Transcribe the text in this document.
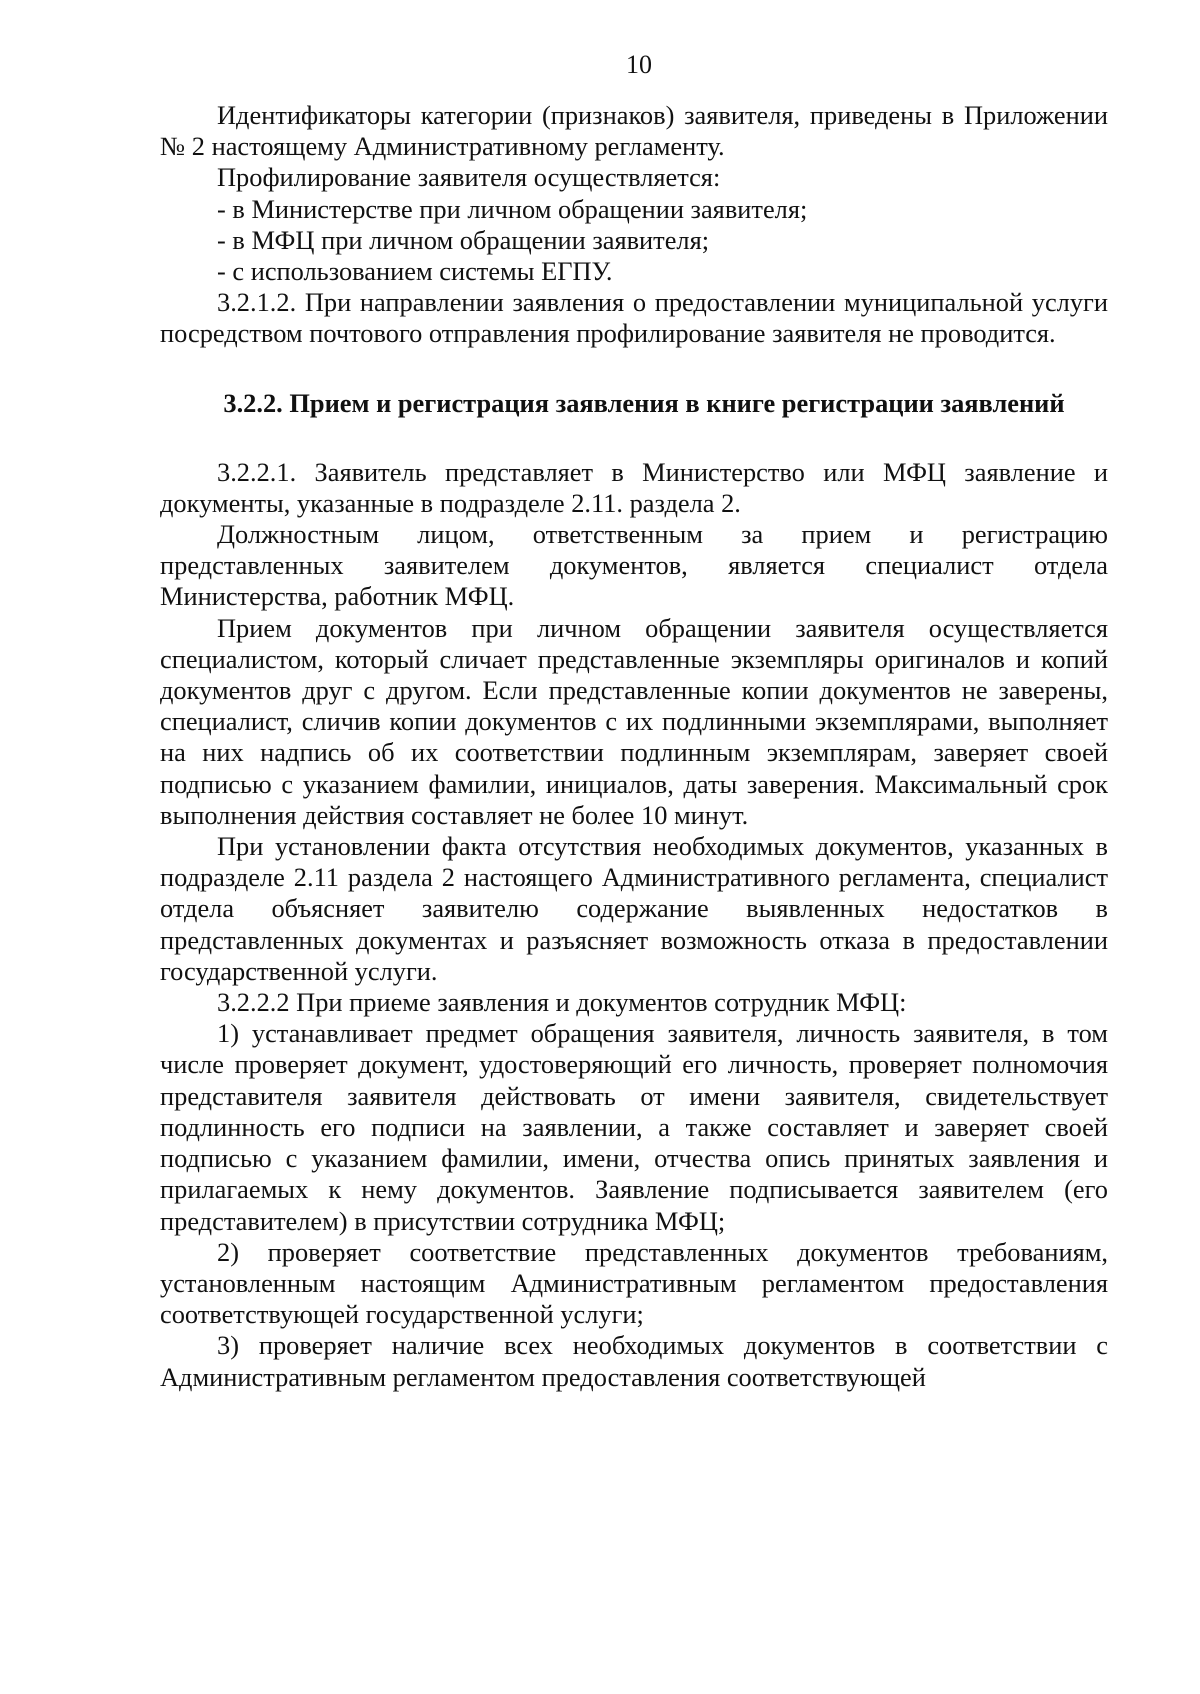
10

Идентификаторы категории (признаков) заявителя, приведены в Приложении № 2 настоящему Административному регламенту.

Профилирование заявителя осуществляется:

- в Министерстве при личном обращении заявителя;

- в МФЦ при личном обращении заявителя;

- с использованием системы ЕГПУ.

3.2.1.2. При направлении заявления о предоставлении муниципальной услуги посредством почтового отправления профилирование заявителя не проводится.

3.2.2. Прием и регистрация заявления в книге регистрации заявлений

3.2.2.1. Заявитель представляет в Министерство или МФЦ заявление и документы, указанные в подразделе 2.11. раздела 2.

Должностным лицом, ответственным за прием и регистрацию представленных заявителем документов, является специалист отдела Министерства, работник МФЦ.

Прием документов при личном обращении заявителя осуществляется специалистом, который сличает представленные экземпляры оригиналов и копий документов друг с другом. Если представленные копии документов не заверены, специалист, сличив копии документов с их подлинными экземплярами, выполняет на них надпись об их соответствии подлинным экземплярам, заверяет своей подписью с указанием фамилии, инициалов, даты заверения. Максимальный срок выполнения действия составляет не более 10 минут.

При установлении факта отсутствия необходимых документов, указанных в подразделе 2.11 раздела 2 настоящего Административного регламента, специалист отдела объясняет заявителю содержание выявленных недостатков в представленных документах и разъясняет возможность отказа в предоставлении государственной услуги.

3.2.2.2 При приеме заявления и документов сотрудник МФЦ:

1) устанавливает предмет обращения заявителя, личность заявителя, в том числе проверяет документ, удостоверяющий его личность, проверяет полномочия представителя заявителя действовать от имени заявителя, свидетельствует подлинность его подписи на заявлении, а также составляет и заверяет своей подписью с указанием фамилии, имени, отчества опись принятых заявления и прилагаемых к нему документов. Заявление подписывается заявителем (его представителем) в присутствии сотрудника МФЦ;

2) проверяет соответствие представленных документов требованиям, установленным настоящим Административным регламентом предоставления соответствующей государственной услуги;

3) проверяет наличие всех необходимых документов в соответствии с Административным регламентом предоставления соответствующей
